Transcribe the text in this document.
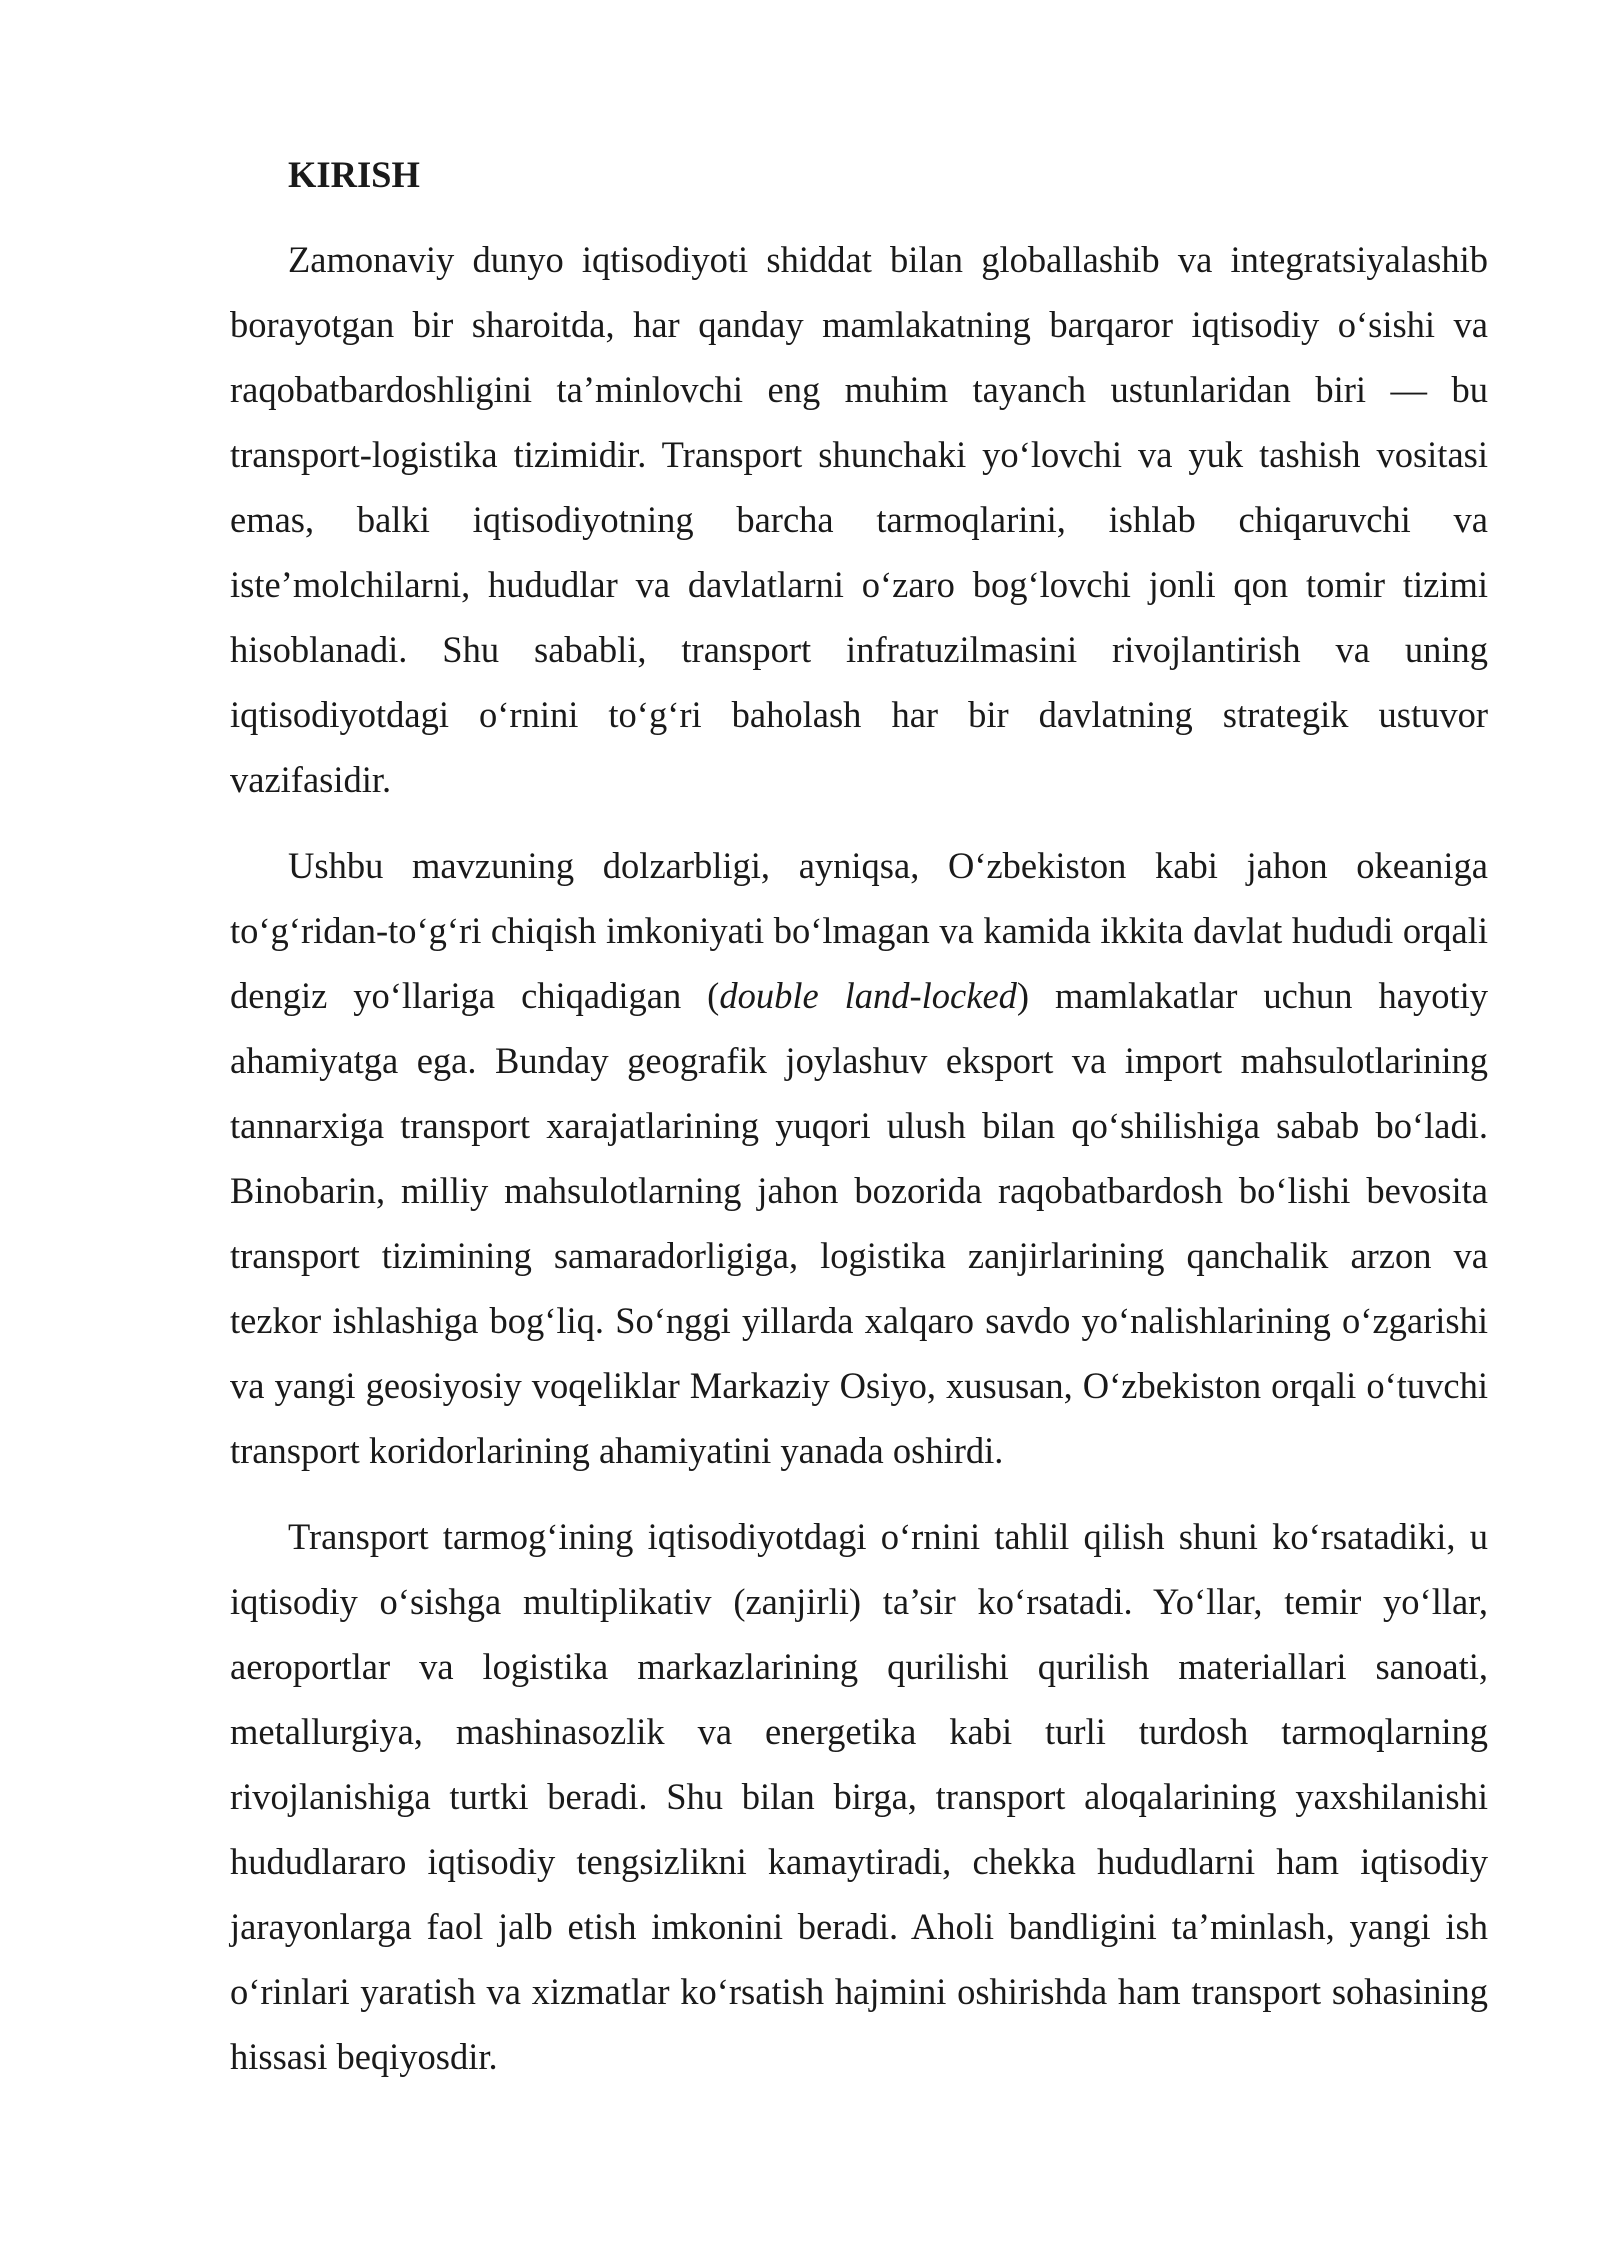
KIRISH

Zamonaviy dunyo iqtisodiyoti shiddat bilan globallashib va integratsiyalashib borayotgan bir sharoitda, har qanday mamlakatning barqaror iqtisodiy o‘sishi va raqobatbardoshligini ta’minlovchi eng muhim tayanch ustunlaridan biri — bu transport-logistika tizimidir. Transport shunchaki yo‘lovchi va yuk tashish vositasi emas, balki iqtisodiyotning barcha tarmoqlarini, ishlab chiqaruvchi va iste’molchilarni, hududlar va davlatlarni o‘zaro bog‘lovchi jonli qon tomir tizimi hisoblanadi. Shu sababli, transport infratuzilmasini rivojlantirish va uning iqtisodiyotdagi o‘rnini to‘g‘ri baholash har bir davlatning strategik ustuvor vazifasidir.

Ushbu mavzuning dolzarbligi, ayniqsa, O‘zbekiston kabi jahon okeaniga to‘g‘ridan-to‘g‘ri chiqish imkoniyati bo‘lmagan va kamida ikkita davlat hududi orqali dengiz yo‘llariga chiqadigan (double land-locked) mamlakatlar uchun hayotiy ahamiyatga ega. Bunday geografik joylashuv eksport va import mahsulotlarining tannarxiga transport xarajatlarining yuqori ulush bilan qo‘shilishiga sabab bo‘ladi. Binobarin, milliy mahsulotlarning jahon bozorida raqobatbardosh bo‘lishi bevosita transport tizimining samaradorligiga, logistika zanjirlarining qanchalik arzon va tezkor ishlashiga bog‘liq. So‘nggi yillarda xalqaro savdo yo‘nalishlarining o‘zgarishi va yangi geosiyosiy voqeliklar Markaziy Osiyo, xususan, O‘zbekiston orqali o‘tuvchi transport koridorlarining ahamiyatini yanada oshirdi.

Transport tarmog‘ining iqtisodiyotdagi o‘rnini tahlil qilish shuni ko‘rsatadiki, u iqtisodiy o‘sishga multiplikativ (zanjirli) ta’sir ko‘rsatadi. Yo‘llar, temir yo‘llar, aeroportlar va logistika markazlarining qurilishi qurilish materiallari sanoati, metallurgiya, mashinasozlik va energetika kabi turli turdosh tarmoqlarning rivojlanishiga turtki beradi. Shu bilan birga, transport aloqalarining yaxshilanishi hududlararo iqtisodiy tengsizlikni kamaytiradi, chekka hududlarni ham iqtisodiy jarayonlarga faol jalb etish imkonini beradi. Aholi bandligini ta’minlash, yangi ish o‘rinlari yaratish va xizmatlar ko‘rsatish hajmini oshirishda ham transport sohasining hissasi beqiyosdir.
